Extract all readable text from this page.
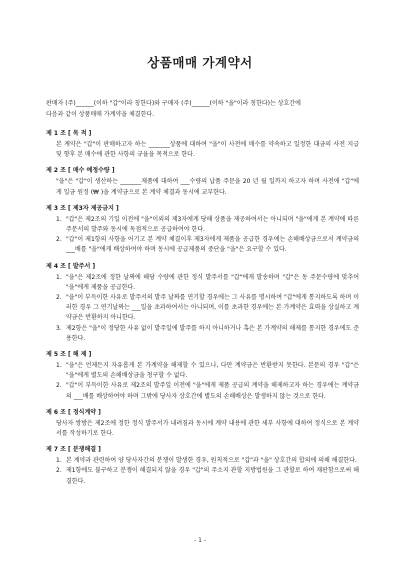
상품매매 가계약서

판매자 (주)______(이하 "갑"이라 칭한다)와 구매자 (주)______(이하 "을"이라 칭한다)는 상호간에

다음과 같이 상품매매 가계약을 체결한다.

제 1 조 [ 목 적 ]

본 계약은 "갑"이 판매하고자 하는 _______상품에 대하여 "을"이 사전에 매수를 약속하고 일정한 대금의 사전 지급 및 향후 본 매수에 관한 사항의 규율을 목적으로 한다.

제 2 조 [ 매수 예정수량 ]

"을"은 "갑"이 생산하는 _______제품에 대하여 ___수량의 납품 주문을 20 년 월 일까지 하고자 하며 사전에 "갑"에게 일금 원정 (₩ )을 계약금으로 본 계약 체결과 동시에 교부한다.

제 3 조 [ 제3자 제공금지 ]
1. "갑"은 제2조의 기일 이전에 "을"이외의 제3자에게 당해 상품을 제공하여서는 아니되며 "을"에게 본 계약에 따른 주문서의 발주와 동시에 독점적으로 공급하여야 한다.
2. "갑"이 제1항의 사항을 어기고 본 계약 체결이후 제3자에게 제품을 공급한 경우에는 손해배상금으로서 계약금의 ___배를 "을"에게 배상하여야 하며 동시에 공급제품의 중단을 "을"은 요구할 수 있다.
제 4 조 [ 발주서 ]
1. "을"은 제2조에 정한 날짜에 해당 수량에 관한 정식 발주서를 "갑"에게 발송하며 "갑"은 동 주문수량에 맞추어 "을"에게 제품을 공급한다.
2. "을"이 부득이한 사유로 발주서의 발주 날짜를 연기할 경우에는 그 사유를 명시하여 "갑"에게 통지하도록 하며 이러한 경우 그 연기날짜는 ___일을 초과하여서는 아니되며, 이를 초과한 경우에는 본 가계약은 효력을 상실하고 계약금은 반환하지 아니한다.
3. 제2항은 "을"이 정당한 사유 없이 발주일에 발주를 하지 아니하거나 혹은 본 가계약의 해제를 통지한 경우에도 준용한다.
제 5 조 [ 해 제 ]
1. "을"은 언제든지 자유롭게 본 가계약을 해제할 수 있으나, 다만 계약금은 반환받지 못한다. 본문의 경우 "갑"은 "을"에게 별도의 손해배상금을 청구할 수 없다.
2. "갑"이 부득이한 사유로 제2조의 발주일 이전에 "을"에게 제품 공급의 계약을 해제하고자 하는 경우에는 계약금의 ___배를 배상하여야 하며 그밖에 당사자 상호간에 별도의 손해배상은 발생하지 않는 것으로 한다.
제 6 조 [ 정식계약 ]

당사자 쌍방은 제2조에 정한 정식 발주서가 내려짐과 동시에 계약 내용에 관한 세부 사항에 대하여 정식으로 본 계약서를 작성하기로 한다.

제 7 조 [ 분쟁해결 ]
1. 본 계약과 관련하여 양 당사자간의 분쟁이 발생한 경우, 원칙적으로 "갑"과 "을" 상호간의 합의에 의해 해결한다.
2. 제1항에도 불구하고 분쟁이 해결되지 않을 경우 "갑"의 주소지 관할 지방법원을 그 관할로 하여 재판함으로써 해결한다.
- 1 -
